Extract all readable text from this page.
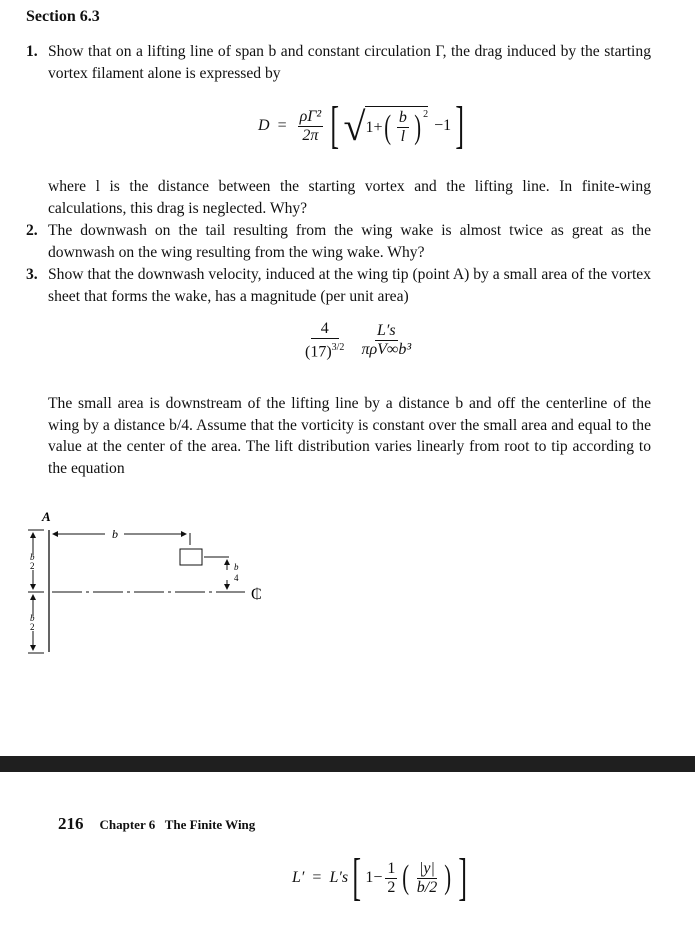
Section 6.3
1. Show that on a lifting line of span b and constant circulation Γ, the drag induced by the starting vortex filament alone is expressed by
$D = \frac{\text{ρΓ²}}{2\pi}$ [ √ 1+ ( $\frac{b}{l}$ ) 2
−1 ]
where l is the distance between the starting vortex and the lifting line. In finite-wing calculations, this drag is neglected. Why?
2. The downwash on the tail resulting from the wing wake is almost twice as great as the downwash on the wing resulting from the wing wake. Why?
3. Show that the downwash velocity, induced at the wing tip (point A) by a small area of the vortex sheet that forms the wake, has a magnitude (per unit area)
$\frac{4}{(17)^{3/2}} \frac{L's}{\text{πρV∞b³}}$
The small area is downstream of the lifting line by a distance b and off the centerline of the wing by a distance b/4. Assume that the vorticity is constant over the small area and equal to the value at the center of the area. The lift distribution varies linearly from root to tip according to the equation
A
b
2
b
2
b
b
4
₵
216 Chapter 6   The Finite Wing
L′ = L′s [ $1- \frac{1}{2}$ ( $\frac{|y|}{b/2}$ ) ]
